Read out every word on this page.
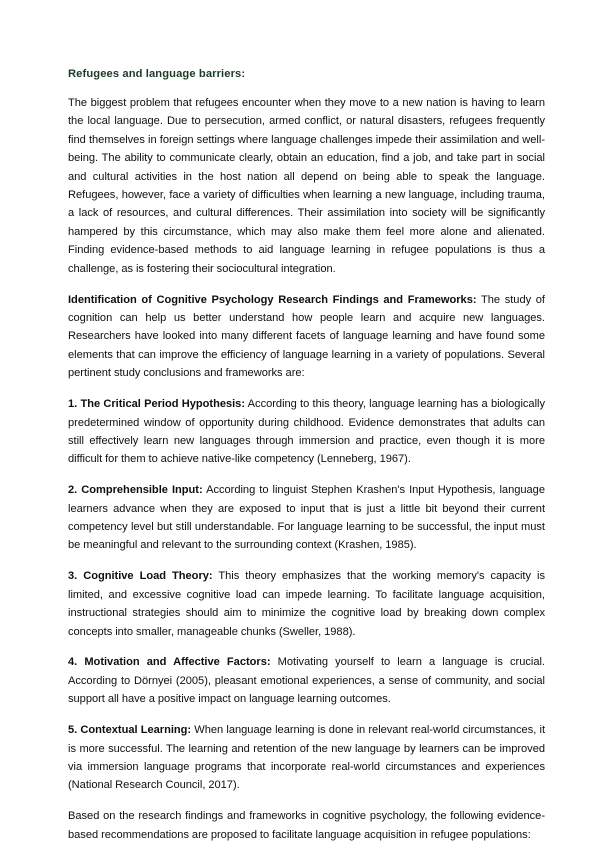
Refugees and language barriers:

The biggest problem that refugees encounter when they move to a new nation is having to learn the local language. Due to persecution, armed conflict, or natural disasters, refugees frequently find themselves in foreign settings where language challenges impede their assimilation and well-being. The ability to communicate clearly, obtain an education, find a job, and take part in social and cultural activities in the host nation all depend on being able to speak the language. Refugees, however, face a variety of difficulties when learning a new language, including trauma, a lack of resources, and cultural differences. Their assimilation into society will be significantly hampered by this circumstance, which may also make them feel more alone and alienated. Finding evidence-based methods to aid language learning in refugee populations is thus a challenge, as is fostering their sociocultural integration.

Identification of Cognitive Psychology Research Findings and Frameworks: The study of cognition can help us better understand how people learn and acquire new languages. Researchers have looked into many different facets of language learning and have found some elements that can improve the efficiency of language learning in a variety of populations. Several pertinent study conclusions and frameworks are:

1. The Critical Period Hypothesis: According to this theory, language learning has a biologically predetermined window of opportunity during childhood. Evidence demonstrates that adults can still effectively learn new languages through immersion and practice, even though it is more difficult for them to achieve native-like competency (Lenneberg, 1967).

2. Comprehensible Input: According to linguist Stephen Krashen's Input Hypothesis, language learners advance when they are exposed to input that is just a little bit beyond their current competency level but still understandable. For language learning to be successful, the input must be meaningful and relevant to the surrounding context (Krashen, 1985).

3. Cognitive Load Theory: This theory emphasizes that the working memory's capacity is limited, and excessive cognitive load can impede learning. To facilitate language acquisition, instructional strategies should aim to minimize the cognitive load by breaking down complex concepts into smaller, manageable chunks (Sweller, 1988).

4. Motivation and Affective Factors: Motivating yourself to learn a language is crucial. According to Dörnyei (2005), pleasant emotional experiences, a sense of community, and social support all have a positive impact on language learning outcomes.

5. Contextual Learning: When language learning is done in relevant real-world circumstances, it is more successful. The learning and retention of the new language by learners can be improved via immersion language programs that incorporate real-world circumstances and experiences (National Research Council, 2017).

Based on the research findings and frameworks in cognitive psychology, the following evidence-based recommendations are proposed to facilitate language acquisition in refugee populations:
